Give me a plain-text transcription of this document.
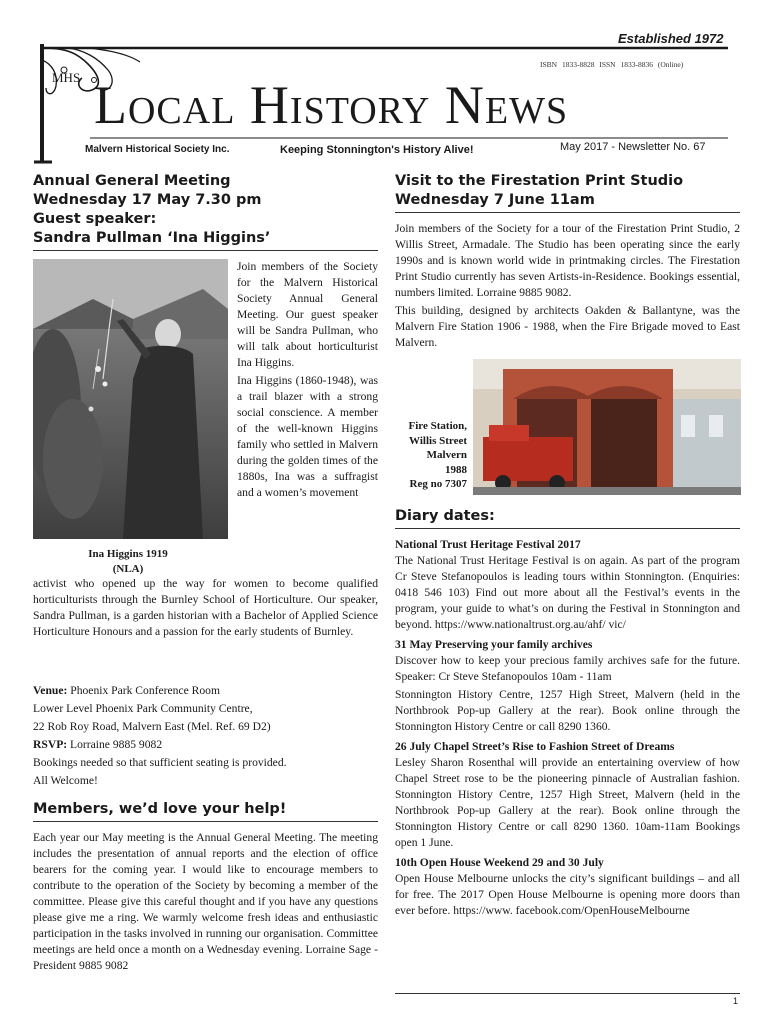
Established 1972
ISBN 1833-8828 ISSN 1833-8836 (Online)
MHS Local History News
Malvern Historical Society Inc.	Keeping Stonnington's History Alive!	May 2017 - Newsletter No. 67
Annual General Meeting
Wednesday 17 May 7.30 pm
Guest speaker:
Sandra Pullman ‘Ina Higgins’
Ina Higgins 1919
(NLA)

Join members of the Society for the Malvern Historical Society Annual General Meeting. Our guest speaker will be Sandra Pullman, who will talk about horticulturist Ina Higgins.

Ina Higgins (1860-1948), was a trail blazer with a strong social conscience. A member of the well-known Higgins family who settled in Malvern during the golden times of the 1880s, Ina was a suffragist and a women’s movement

activist who opened up the way for women to become qualified horticulturists through the Burnley School of Horticulture. Our speaker, Sandra Pullman, is a garden historian with a Bachelor of Applied Science Horticulture Honours and a passion for the early students of Burnley.

Venue: Phoenix Park Conference Room
Lower Level Phoenix Park Community Centre,
22 Rob Roy Road, Malvern East (Mel. Ref. 69 D2)
RSVP: Lorraine 9885 9082
Bookings needed so that sufficient seating is provided.
All Welcome!
Members, we’d love your help!

Each year our May meeting is the Annual General Meeting. The meeting includes the presentation of annual reports and the election of office bearers for the coming year. I would like to encourage members to contribute to the operation of the Society by becoming a member of the committee. Please give this careful thought and if you have any questions please give me a ring. We warmly welcome fresh ideas and enthusiastic participation in the tasks involved in running our organisation. Committee meetings are held once a month on a Wednesday evening. Lorraine Sage - President 9885 9082

Visit to the Firestation Print Studio
Wednesday 7 June 11am

Join members of the Society for a tour of the Firestation Print Studio, 2 Willis Street, Armadale. The Studio has been operating since the early 1990s and is known world wide in printmaking circles. The Firestation Print Studio currently has seven Artists-in-Residence. Bookings essential, numbers limited. Lorraine 9885 9082.

This building, designed by architects Oakden & Ballantyne, was the Malvern Fire Station 1906 - 1988, when the Fire Brigade moved to East Malvern.

Fire Station,
Willis Street
Malvern
1988
Reg no 7307
Diary dates:
National Trust Heritage Festival 2017

The National Trust Heritage Festival is on again. As part of the program Cr Steve Stefanopoulos is leading tours within Stonnington. (Enquiries: 0418 546 103) Find out more about all the Festival’s events in the program, your guide to what’s on during the Festival in Stonnington and beyond. https://www.nationaltrust.org.au/ahf/ vic/

31 May Preserving your family archives

Discover how to keep your precious family archives safe for the future. Speaker: Cr Steve Stefanopoulos 10am - 11am

Stonnington History Centre, 1257 High Street, Malvern (held in the Northbrook Pop-up Gallery at the rear). Book online through the Stonnington History Centre or call 8290 1360.

26 July Chapel Street’s Rise to Fashion Street of Dreams

Lesley Sharon Rosenthal will provide an entertaining overview of how Chapel Street rose to be the pioneering pinnacle of Australian fashion. Stonnington History Centre, 1257 High Street, Malvern (held in the Northbrook Pop-up Gallery at the rear). Book online through the Stonnington History Centre or call 8290 1360. 10am-11am Bookings open 1 June.

10th Open House Weekend 29 and 30 July

Open House Melbourne unlocks the city’s significant buildings – and all for free. The 2017 Open House Melbourne is opening more doors than ever before. https://www. facebook.com/OpenHouseMelbourne

1
